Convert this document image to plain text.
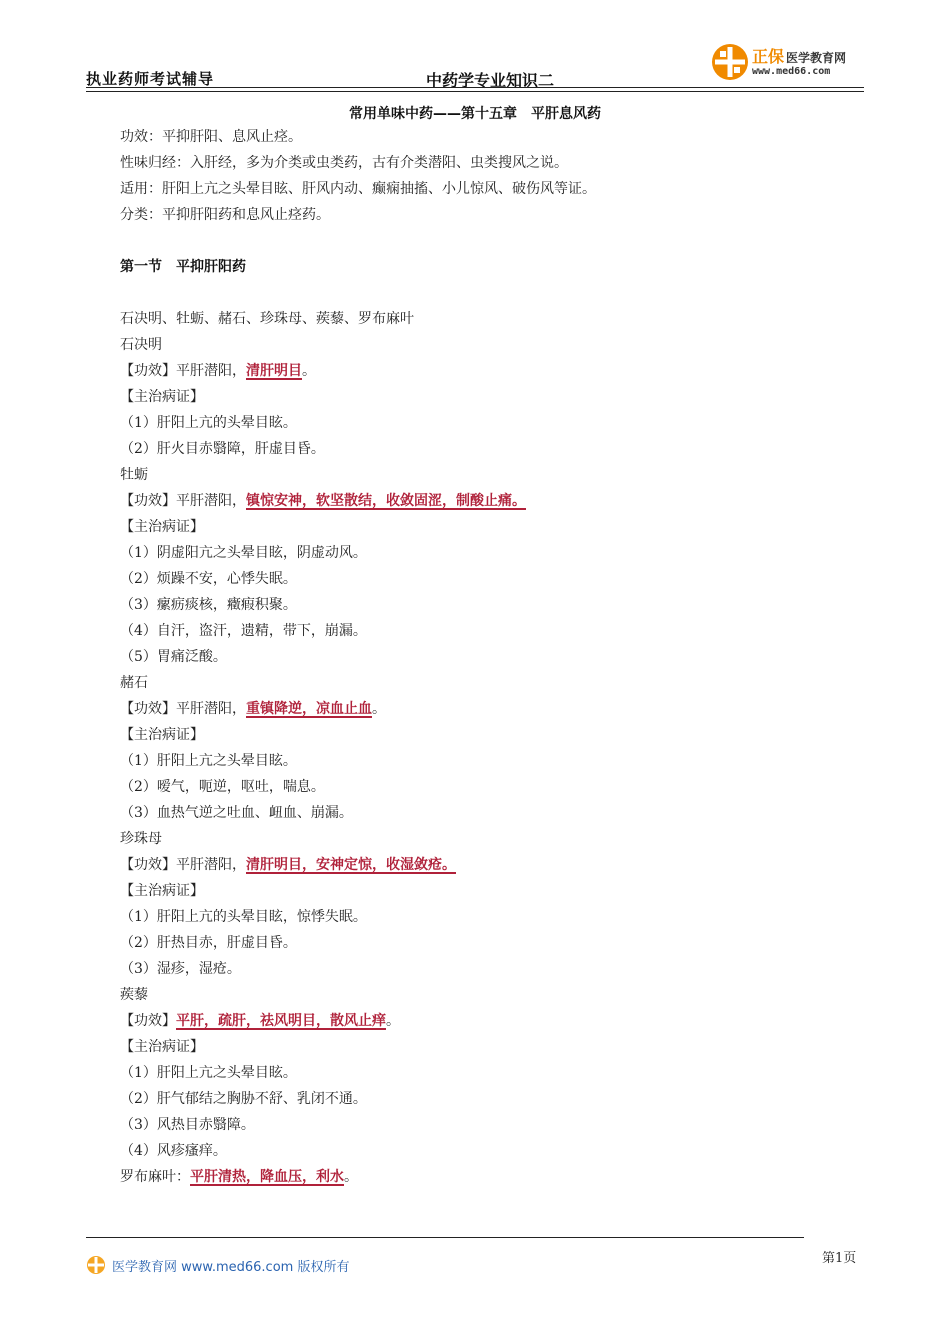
执业药师考试辅导	中药学专业知识二
正保 医学教育网
www.med66.com
常用单味中药——第十五章　平肝息风药
功效：平抑肝阳、息风止痉。
性味归经：入肝经，多为介类或虫类药，古有介类潜阳、虫类搜风之说。
适用：肝阳上亢之头晕目眩、肝风内动、癫痫抽搐、小儿惊风、破伤风等证。
分类：平抑肝阳药和息风止痉药。
第一节　平抑肝阳药
石决明、牡蛎、赭石、珍珠母、蒺藜、罗布麻叶
石决明
【功效】平肝潜阳，清肝明目。
【主治病证】
（1）肝阳上亢的头晕目眩。
（2）肝火目赤翳障，肝虚目昏。
牡蛎
【功效】平肝潜阳，镇惊安神，软坚散结，收敛固涩，制酸止痛。
【主治病证】
（1）阴虚阳亢之头晕目眩，阴虚动风。
（2）烦躁不安，心悸失眠。
（3）瘰疬痰核，癥瘕积聚。
（4）自汗，盗汗，遗精，带下，崩漏。
（5）胃痛泛酸。
赭石
【功效】平肝潜阳，重镇降逆，凉血止血。
【主治病证】
（1）肝阳上亢之头晕目眩。
（2）嗳气，呃逆，呕吐，喘息。
（3）血热气逆之吐血、衄血、崩漏。
珍珠母
【功效】平肝潜阳，清肝明目，安神定惊，收湿敛疮。
【主治病证】
（1）肝阳上亢的头晕目眩，惊悸失眠。
（2）肝热目赤，肝虚目昏。
（3）湿疹，湿疮。
蒺藜
【功效】平肝，疏肝，祛风明目，散风止痒。
【主治病证】
（1）肝阳上亢之头晕目眩。
（2）肝气郁结之胸胁不舒、乳闭不通。
（3）风热目赤翳障。
（4）风疹瘙痒。
罗布麻叶：平肝清热，降血压，利水。
第1页
医学教育网 www.med66.com 版权所有
